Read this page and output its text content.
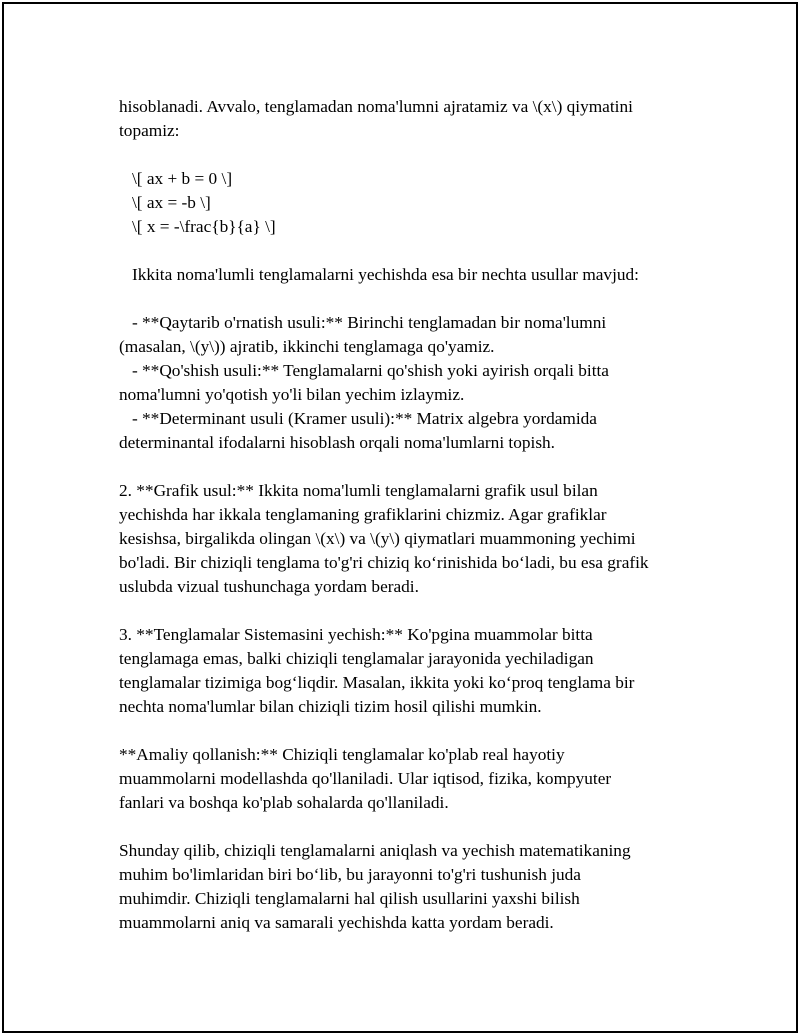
hisoblanadi. Avvalo, tenglamadan noma'lumni ajratamiz va \(x\) qiymatini
topamiz:
\[ ax + b = 0 \]
\[ ax = -b \]
\[ x = -\frac{b}{a} \]
Ikkita noma'lumli tenglamalarni yechishda esa bir nechta usullar mavjud:
- **Qaytarib o'rnatish usuli:** Birinchi tenglamadan bir noma'lumni
(masalan, \(y\)) ajratib, ikkinchi tenglamaga qo'yamiz.
- **Qo'shish usuli:** Tenglamalarni qo'shish yoki ayirish orqali bitta
noma'lumni yo'qotish yo'li bilan yechim izlaymiz.
- **Determinant usuli (Kramer usuli):** Matrix algebra yordamida
determinantal ifodalarni hisoblash orqali noma'lumlarni topish.
2. **Grafik usul:** Ikkita noma'lumli tenglamalarni grafik usul bilan
yechishda har ikkala tenglamaning grafiklarini chizmiz. Agar grafiklar
kesishsa, birgalikda olingan \(x\) va \(y\) qiymatlari muammoning yechimi
bo'ladi. Bir chiziqli tenglama to'g'ri chiziq ko‘rinishida bo‘ladi, bu esa grafik
uslubda vizual tushunchaga yordam beradi.
3. **Tenglamalar Sistemasini yechish:** Ko'pgina muammolar bitta
tenglamaga emas, balki chiziqli tenglamalar jarayonida yechiladigan
tenglamalar tizimiga bog‘liqdir. Masalan, ikkita yoki ko‘proq tenglama bir
nechta noma'lumlar bilan chiziqli tizim hosil qilishi mumkin.
**Amaliy qollanish:** Chiziqli tenglamalar ko'plab real hayotiy
muammolarni modellashda qo'llaniladi. Ular iqtisod, fizika, kompyuter
fanlari va boshqa ko'plab sohalarda qo'llaniladi.
Shunday qilib, chiziqli tenglamalarni aniqlash va yechish matematikaning
muhim bo'limlaridan biri bo‘lib, bu jarayonni to'g'ri tushunish juda
muhimdir. Chiziqli tenglamalarni hal qilish usullarini yaxshi bilish
muammolarni aniq va samarali yechishda katta yordam beradi.
